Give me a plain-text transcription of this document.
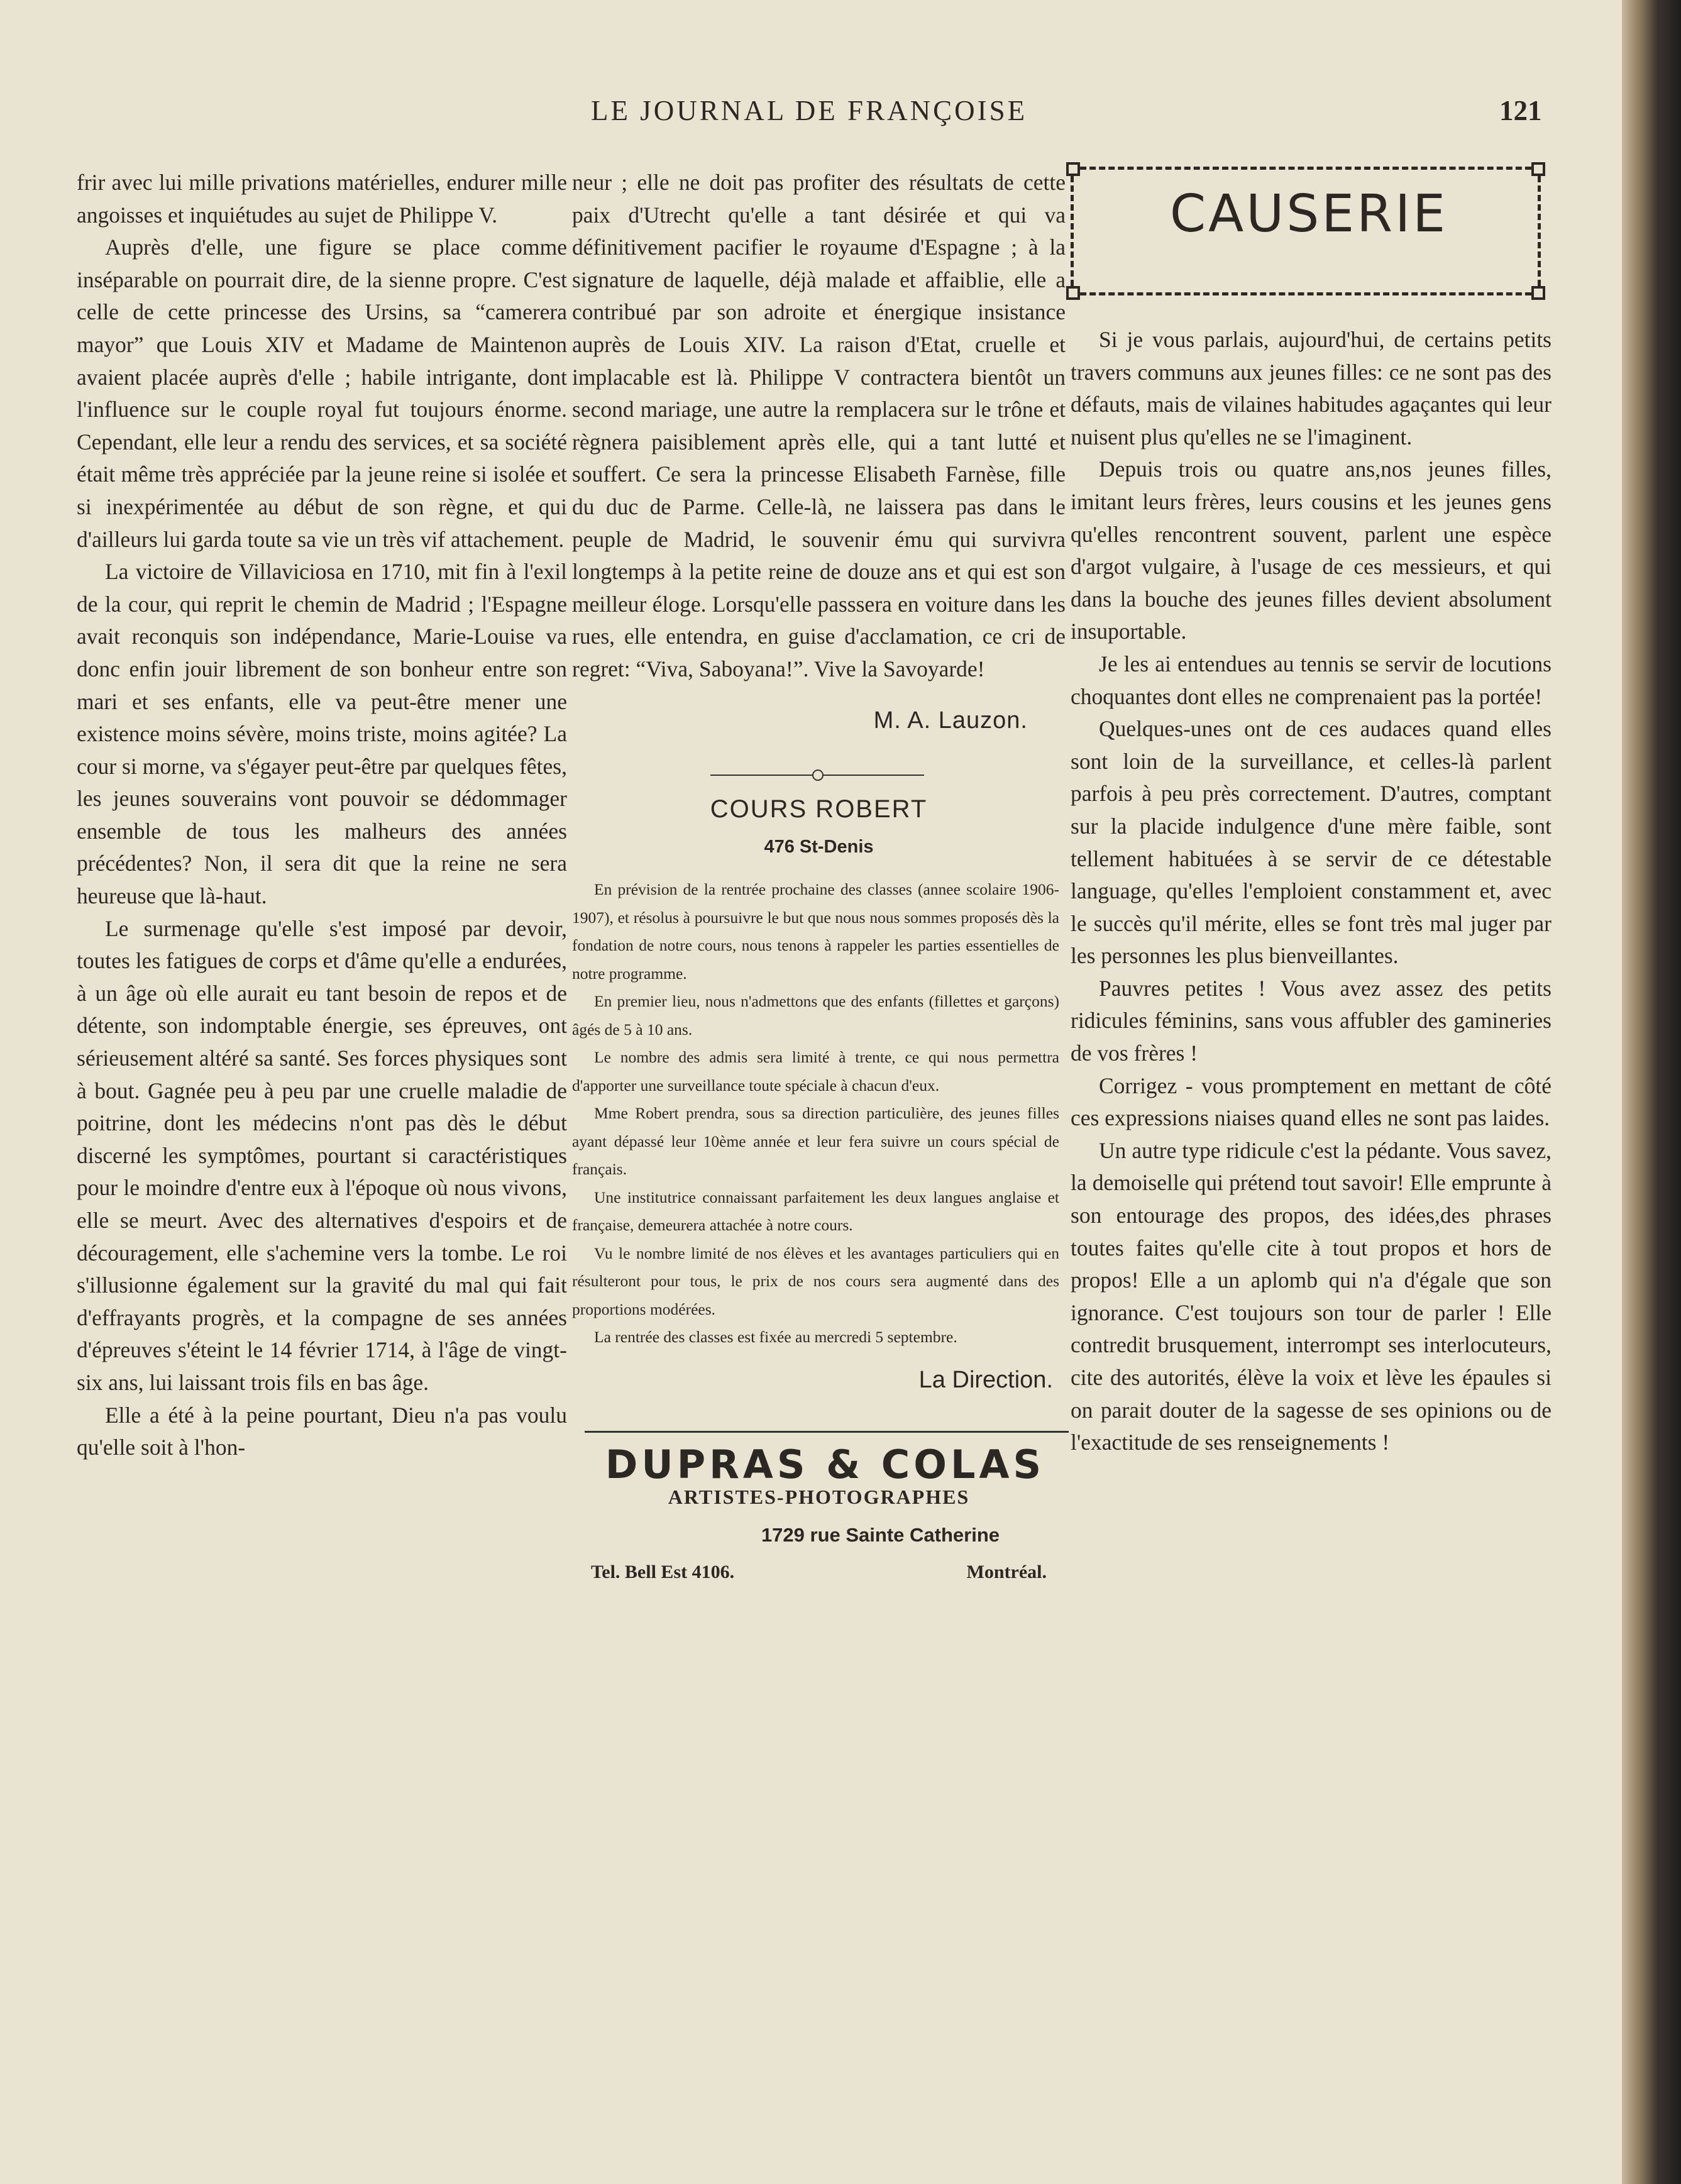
LE JOURNAL DE FRANÇOISE	121

frir avec lui mille privations matérielles, endurer mille angoisses et inquiétudes au sujet de Philippe V.

Auprès d'elle, une figure se place comme inséparable on pourrait dire, de la sienne propre. C'est celle de cette princesse des Ursins, sa “camerera mayor” que Louis XIV et Madame de Maintenon avaient placée auprès d'elle ; habile intrigante, dont l'influence sur le couple royal fut toujours énorme. Cependant, elle leur a rendu des services, et sa société était même très appréciée par la jeune reine si isolée et si inexpérimentée au début de son règne, et qui d'ailleurs lui garda toute sa vie un très vif attachement.

La victoire de Villaviciosa en 1710, mit fin à l'exil de la cour, qui reprit le chemin de Madrid ; l'Espagne avait reconquis son indépendance, Marie-Louise va donc enfin jouir librement de son bonheur entre son mari et ses enfants, elle va peut-être mener une existence moins sévère, moins triste, moins agitée? La cour si morne, va s'égayer peut-être par quelques fêtes, les jeunes souverains vont pouvoir se dédommager ensemble de tous les malheurs des années précédentes? Non, il sera dit que la reine ne sera heureuse que là-haut.

Le surmenage qu'elle s'est imposé par devoir, toutes les fatigues de corps et d'âme qu'elle a endurées, à un âge où elle aurait eu tant besoin de repos et de détente, son indomptable énergie, ses épreuves, ont sérieusement altéré sa santé. Ses forces physiques sont à bout. Gagnée peu à peu par une cruelle maladie de poitrine, dont les médecins n'ont pas dès le début discerné les symptômes, pourtant si caractéristiques pour le moindre d'entre eux à l'époque où nous vivons, elle se meurt. Avec des alternatives d'espoirs et de découragement, elle s'achemine vers la tombe. Le roi s'illusionne également sur la gravité du mal qui fait d'effrayants progrès, et la compagne de ses années d'épreuves s'éteint le 14 février 1714, à l'âge de vingt-six ans, lui laissant trois fils en bas âge.

Elle a été à la peine pourtant, Dieu n'a pas voulu qu'elle soit à l'hon-

neur ; elle ne doit pas profiter des résultats de cette paix d'Utrecht qu'elle a tant désirée et qui va définitivement pacifier le royaume d'Espagne ; à la signature de laquelle, déjà malade et affaiblie, elle a contribué par son adroite et énergique insistance auprès de Louis XIV. La raison d'Etat, cruelle et implacable est là. Philippe V contractera bientôt un second mariage, une autre la remplacera sur le trône et règnera paisiblement après elle, qui a tant lutté et souffert. Ce sera la princesse Elisabeth Farnèse, fille du duc de Parme. Celle-là, ne laissera pas dans le peuple de Madrid, le souvenir ému qui survivra longtemps à la petite reine de douze ans et qui est son meilleur éloge. Lorsqu'elle passsera en voiture dans les rues, elle entendra, en guise d'acclamation, ce cri de regret: “Viva, Saboyana!”. Vive la Savoyarde!

M. A. Lauzon.
COURS ROBERT
476 St-Denis

En prévision de la rentrée prochaine des classes (annee scolaire 1906-1907), et résolus à poursuivre le but que nous nous sommes proposés dès la fondation de notre cours, nous tenons à rappeler les parties essentielles de notre programme.

En premier lieu, nous n'admettons que des enfants (fillettes et garçons) âgés de 5 à 10 ans.

Le nombre des admis sera limité à trente, ce qui nous permettra d'apporter une surveillance toute spéciale à chacun d'eux.

Mme Robert prendra, sous sa direction particulière, des jeunes filles ayant dépassé leur 10ème année et leur fera suivre un cours spécial de français.

Une institutrice connaissant parfaitement les deux langues anglaise et française, demeurera attachée à notre cours.

Vu le nombre limité de nos élèves et les avantages particuliers qui en résulteront pour tous, le prix de nos cours sera augmenté dans des proportions modérées.

La rentrée des classes est fixée au mercredi 5 septembre.

La Direction.
DUPRAS & COLAS
ARTISTES-PHOTOGRAPHES
1729 rue Sainte Catherine
Tel. Bell Est 4106.	Montréal.
CAUSERIE

Si je vous parlais, aujourd'hui, de certains petits travers communs aux jeunes filles: ce ne sont pas des défauts, mais de vilaines habitudes agaçantes qui leur nuisent plus qu'elles ne se l'imaginent.

Depuis trois ou quatre ans,nos jeunes filles, imitant leurs frères, leurs cousins et les jeunes gens qu'elles rencontrent souvent, parlent une espèce d'argot vulgaire, à l'usage de ces messieurs, et qui dans la bouche des jeunes filles devient absolument insuportable.

Je les ai entendues au tennis se servir de locutions choquantes dont elles ne comprenaient pas la portée!

Quelques-unes ont de ces audaces quand elles sont loin de la surveillance, et celles-là parlent parfois à peu près correctement. D'autres, comptant sur la placide indulgence d'une mère faible, sont tellement habituées à se servir de ce détestable language, qu'elles l'emploient constamment et, avec le succès qu'il mérite, elles se font très mal juger par les personnes les plus bienveillantes.

Pauvres petites ! Vous avez assez des petits ridicules féminins, sans vous affubler des gamineries de vos frères !

Corrigez - vous promptement en mettant de côté ces expressions niaises quand elles ne sont pas laides.

Un autre type ridicule c'est la pédante. Vous savez, la demoiselle qui prétend tout savoir! Elle emprunte à son entourage des propos, des idées,des phrases toutes faites qu'elle cite à tout propos et hors de propos! Elle a un aplomb qui n'a d'égale que son ignorance. C'est toujours son tour de parler ! Elle contredit brusquement, interrompt ses interlocuteurs, cite des autorités, élève la voix et lève les épaules si on parait douter de la sagesse de ses opinions ou de l'exactitude de ses renseignements !
